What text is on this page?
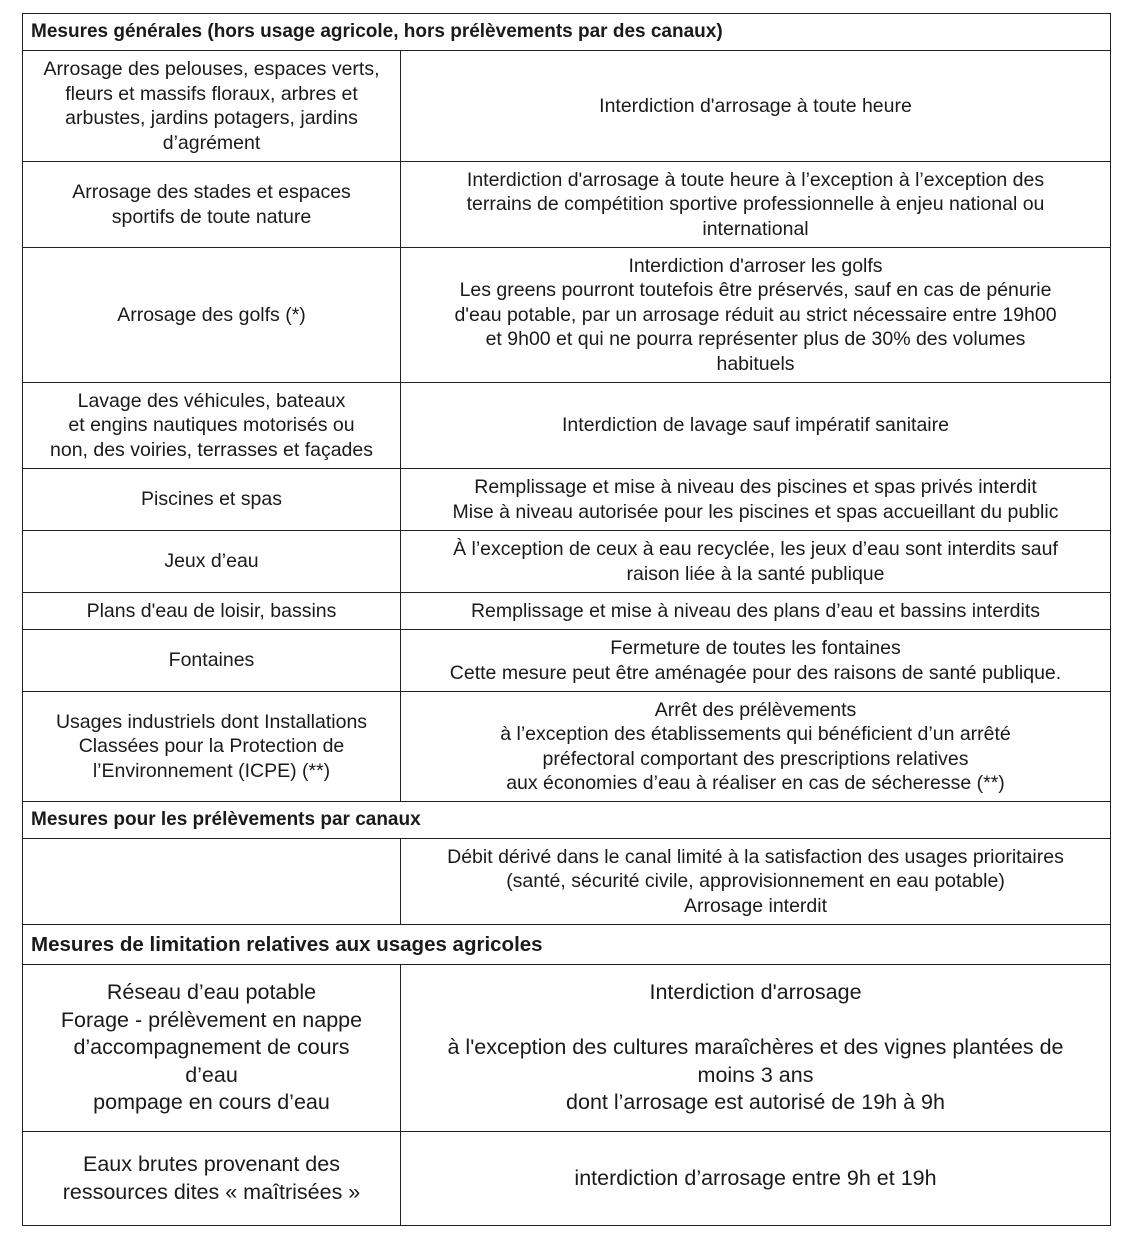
Mesures générales (hors usage agricole, hors prélèvements par des canaux)	
Arrosage des pelouses, espaces verts,
fleurs et massifs floraux, arbres et
arbustes, jardins potagers, jardins
d’agrément	Interdiction d'arrosage à toute heure
Arrosage des stades et espaces
sportifs de toute nature	Interdiction d'arrosage à toute heure à l’exception à l’exception des
terrains de compétition sportive professionnelle à enjeu national ou
international
Arrosage des golfs (*)	Interdiction d'arroser les golfs
Les greens pourront toutefois être préservés, sauf en cas de pénurie
d'eau potable, par un arrosage réduit au strict nécessaire entre 19h00
et 9h00 et qui ne pourra représenter plus de 30% des volumes
habituels
Lavage des véhicules, bateaux
et engins nautiques motorisés ou
non, des voiries, terrasses et façades	Interdiction de lavage sauf impératif sanitaire
Piscines et spas	Remplissage et mise à niveau des piscines et spas privés interdit
Mise à niveau autorisée pour les piscines et spas accueillant du public
Jeux d’eau	À l’exception de ceux à eau recyclée, les jeux d’eau sont interdits sauf
raison liée à la santé publique
Plans d'eau de loisir, bassins	Remplissage et mise à niveau des plans d’eau et bassins interdits
Fontaines	Fermeture de toutes les fontaines
Cette mesure peut être aménagée pour des raisons de santé publique.
Usages industriels dont Installations
Classées pour la Protection de
l’Environnement (ICPE) (**)	Arrêt des prélèvements
à l’exception des établissements qui bénéficient d’un arrêté
préfectoral comportant des prescriptions relatives
aux économies d’eau à réaliser en cas de sécheresse (**)
Mesures pour les prélèvements par canaux	
	Débit dérivé dans le canal limité à la satisfaction des usages prioritaires
(santé, sécurité civile, approvisionnement en eau potable)
Arrosage interdit
Mesures de limitation relatives aux usages agricoles	
Réseau d’eau potable
Forage - prélèvement en nappe
d’accompagnement de cours
d’eau
pompage en cours d’eau	Interdiction d'arrosage

à l'exception des cultures maraîchères et des vignes plantées de
moins 3 ans
dont l’arrosage est autorisé de 19h à 9h
Eaux brutes provenant des
ressources dites « maîtrisées »	interdiction d’arrosage entre 9h et 19h
